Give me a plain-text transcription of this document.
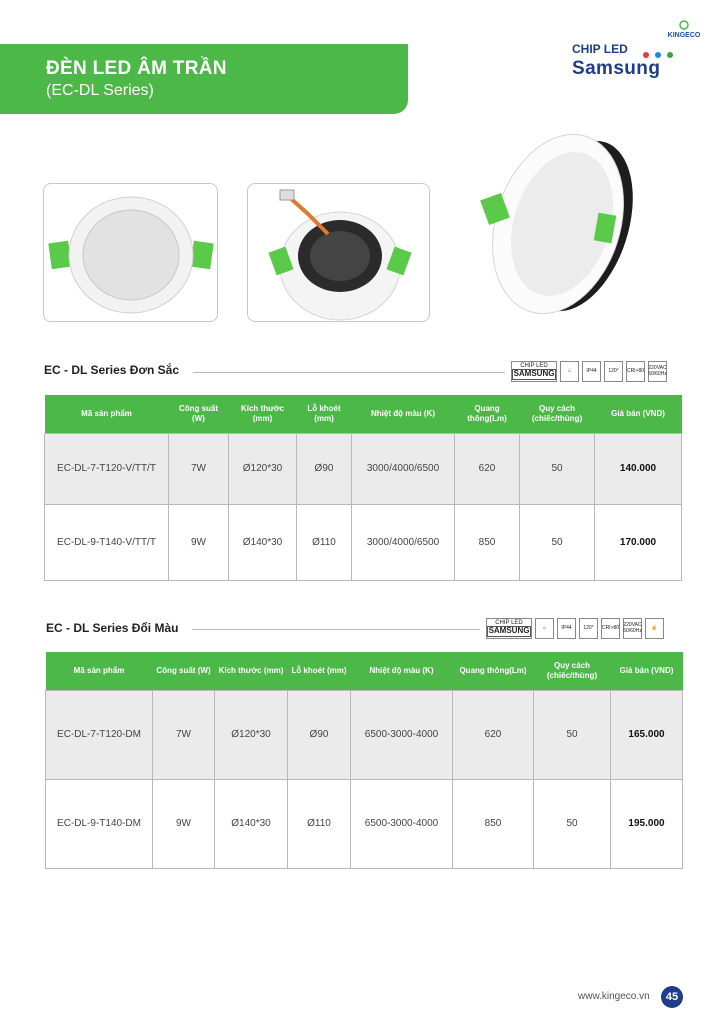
ĐÈN LED ÂM TRẦN
(EC-DL Series)
KINGECO
CHIP LED
Samsung
EC - DL Series Đơn Sắc	CHIP LED
SAMSUNG	⌂	IP44	120°	CRI>80 220VAC 50/60Hz
Mã sản phẩm	Công suất (W)	Kích thước (mm)	Lỗ khoét (mm)	Nhiệt độ màu (K)	Quang thông(Lm)	Quy cách (chiếc/thùng)	Giá bán (VND)
EC-DL-7-T120-V/TT/T	7W	Ø120*30	Ø90	3000/4000/6500	620	50	140.000
EC-DL-9-T140-V/TT/T	9W	Ø140*30	Ø110	3000/4000/6500	850	50	170.000
EC - DL Series Đổi Màu	CHIP LED
SAMSUNG	⌂	IP44	120°	CRI>80 220VAC 50/60Hz	☝
Mã sản phẩm	Công suất (W)	Kích thước (mm)	Lỗ khoét (mm)	Nhiệt độ màu (K)	Quang thông(Lm)	Quy cách (chiếc/thùng)	Giá bán (VND)
EC-DL-7-T120-DM	7W	Ø120*30	Ø90	6500-3000-4000	620	50	165.000
EC-DL-9-T140-DM	9W	Ø140*30	Ø110	6500-3000-4000	850	50	195.000
www.kingeco.vn	45
